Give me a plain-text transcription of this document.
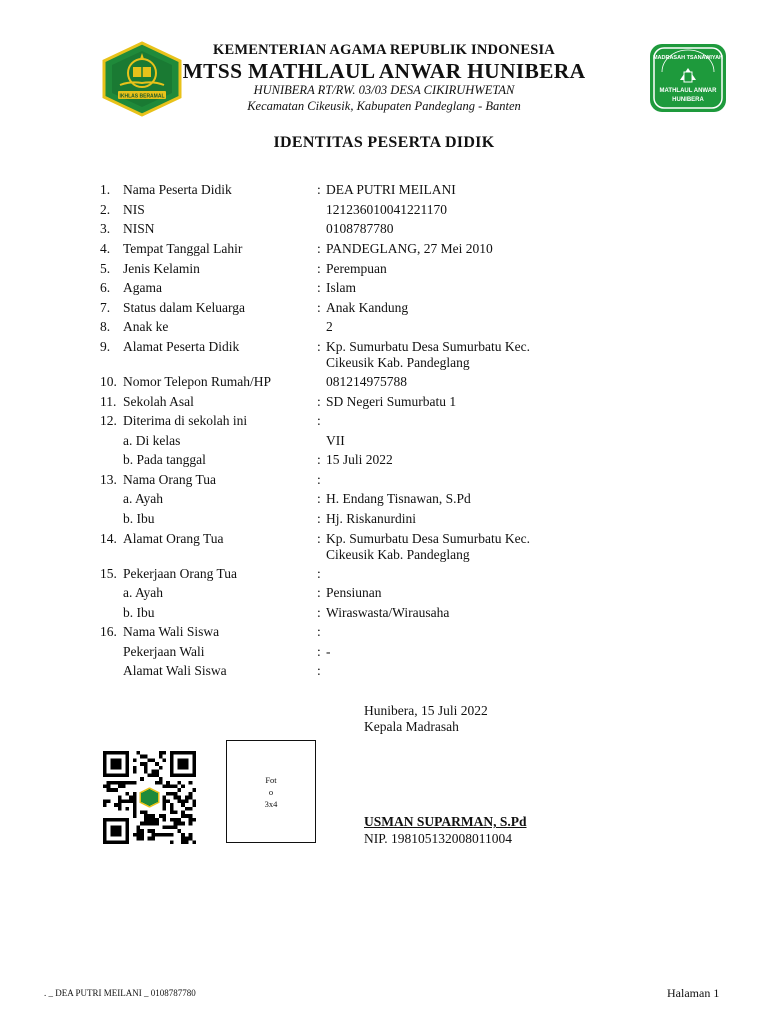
IKHLAS BERAMAL
MADRASAH TSANAWIYAH
MATHLAUL ANWAR
HUNIBERA
KEMENTERIAN AGAMA REPUBLIK INDONESIA
MTSS MATHLAUL ANWAR HUNIBERA
HUNIBERA RT/RW. 03/03 DESA CIKIRUHWETAN
Kecamatan Cikeusik, Kabupaten Pandeglang - Banten
IDENTITAS PESERTA DIDIK
1. Nama Peserta Didik	: DEA PUTRI MEILANI
2. NIS	121236010041221170
3. NISN	0108787780
4. Tempat Tanggal Lahir	: PANDEGLANG, 27 Mei 2010
5. Jenis Kelamin	: Perempuan
6. Agama	: Islam
7. Status dalam Keluarga	: Anak Kandung
8. Anak ke	2
9. Alamat Peserta Didik	: Kp. Sumurbatu Desa Sumurbatu Kec.
Cikeusik Kab. Pandeglang
10. Nomor Telepon Rumah/HP	081214975788
11. Sekolah Asal	: SD Negeri Sumurbatu 1
12. Diterima di sekolah ini	:
a. Di kelas	VII
b. Pada tanggal	: 15 Juli 2022
13. Nama Orang Tua	:
a. Ayah	: H. Endang Tisnawan, S.Pd
b. Ibu	: Hj. Riskanurdini
14. Alamat Orang Tua	: Kp. Sumurbatu Desa Sumurbatu Kec.
Cikeusik Kab. Pandeglang
15. Pekerjaan Orang Tua	:
a. Ayah	: Pensiunan
b. Ibu	: Wiraswasta/Wirausaha
16. Nama Wali Siswa	:
Pekerjaan Wali	: -
Alamat Wali Siswa	:
Foto 3x4
Hunibera, 15 Juli 2022
Kepala Madrasah
USMAN SUPARMAN, S.Pd
NIP. 198105132008011004
. _ DEA PUTRI MEILANI _ 0108787780	Halaman 1
